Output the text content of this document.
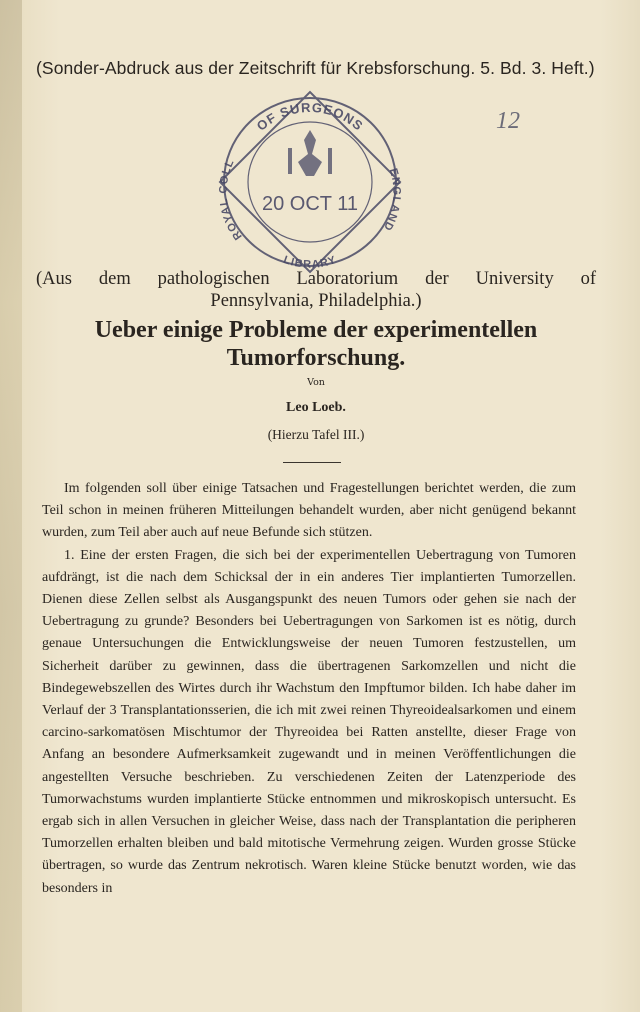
(Sonder-Abdruck aus der Zeitschrift für Krebsforschung. 5. Bd. 3. Heft.)
12
OF SURGEONS
ROYAL COLL
ENGLAND
LIBRARY
20 OCT 11
(Aus dem pathologischen Laboratorium der University of
Pennsylvania, Philadelphia.)
Ueber einige Probleme der experimentellen
Tumorforschung.
Von
Leo Loeb.
(Hierzu Tafel III.)

Im folgenden soll über einige Tatsachen und Fragestellungen berichtet werden, die zum Teil schon in meinen früheren Mitteilungen behandelt wurden, aber nicht genügend bekannt wurden, zum Teil aber auch auf neue Befunde sich stützen.

1. Eine der ersten Fragen, die sich bei der experimentellen Uebertragung von Tumoren aufdrängt, ist die nach dem Schicksal der in ein anderes Tier implantierten Tumorzellen. Dienen diese Zellen selbst als Ausgangspunkt des neuen Tumors oder gehen sie nach der Uebertragung zu grunde? Besonders bei Uebertragungen von Sarkomen ist es nötig, durch genaue Untersuchungen die Entwicklungsweise der neuen Tumoren festzustellen, um Sicherheit darüber zu gewinnen, dass die übertragenen Sarkomzellen und nicht die Bindegewebszellen des Wirtes durch ihr Wachstum den Impftumor bilden. Ich habe daher im Verlauf der 3 Transplantationsserien, die ich mit zwei reinen Thyreoidealsarkomen und einem carcino-sarkomatösen Mischtumor der Thyreoidea bei Ratten anstellte, dieser Frage von Anfang an besondere Aufmerksamkeit zugewandt und in meinen Veröffentlichungen die angestellten Versuche beschrieben. Zu verschiedenen Zeiten der Latenzperiode des Tumorwachstums wurden implantierte Stücke entnommen und mikroskopisch untersucht. Es ergab sich in allen Versuchen in gleicher Weise, dass nach der Transplantation die peripheren Tumorzellen erhalten bleiben und bald mitotische Vermehrung zeigen. Wurden grosse Stücke übertragen, so wurde das Zentrum nekrotisch. Waren kleine Stücke benutzt worden, wie das besonders in
